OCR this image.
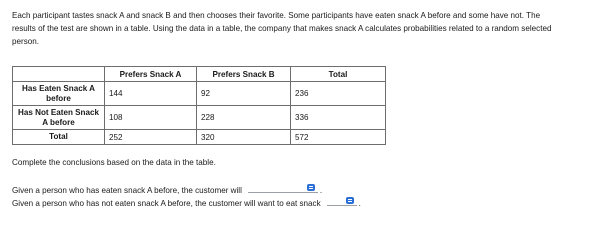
Each participant tastes snack A and snack B and then chooses their favorite. Some participants have eaten snack A before and some have not. The
results of the test are shown in a table. Using the data in a table, the company that makes snack A calculates probabilities related to a random selected
person.
	Prefers Snack A	Prefers Snack B	Total
Has Eaten Snack A before	144	92	236
Has Not Eaten Snack A before	108	228	336
Total	252	320	572

Complete the conclusions based on the data in the table.

Given a person who has eaten snack A before, the customer will	.

Given a person who has not eaten snack A before, the customer will want to eat snack	.
